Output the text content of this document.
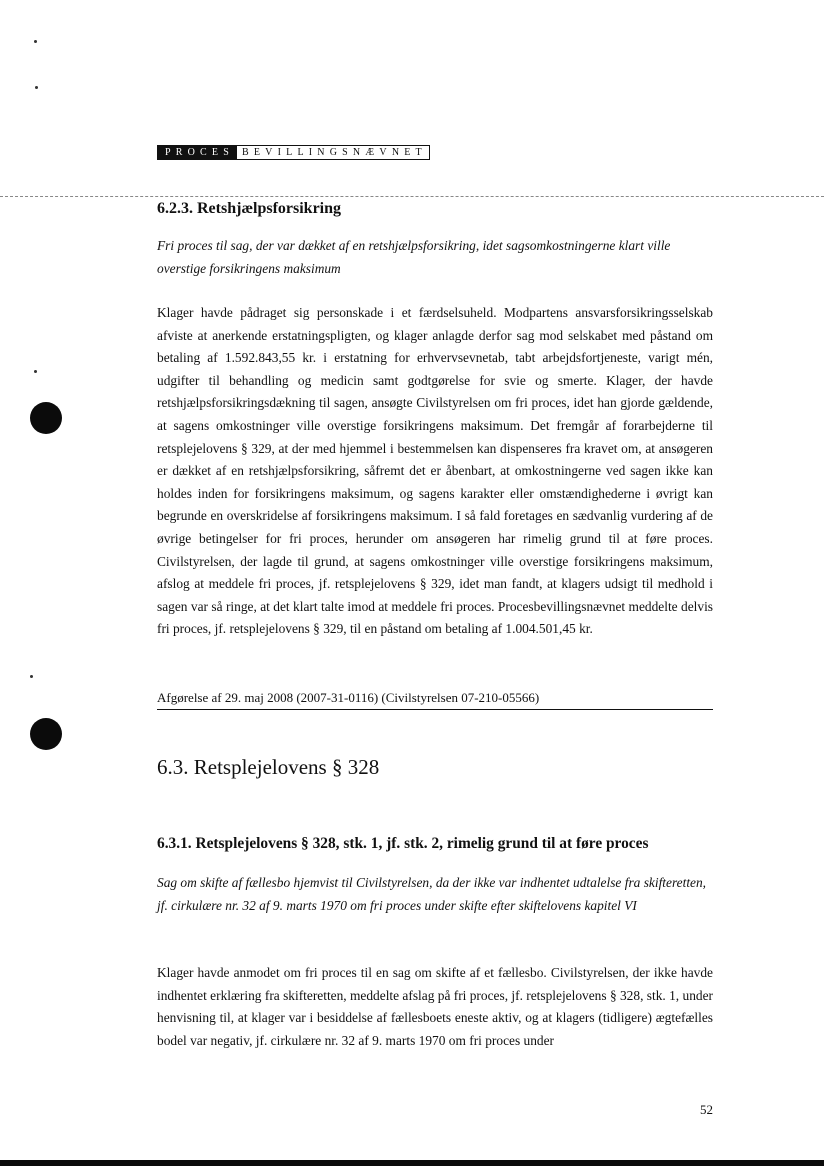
PROCES BEVILLINGSNÆVNET
6.2.3. Retshjælpsforsikring

Fri proces til sag, der var dækket af en retshjælpsforsikring, idet sagsomkostningerne klart ville overstige forsikringens maksimum

Klager havde pådraget sig personskade i et færdselsuheld. Modpartens ansvarsforsikringsselskab afviste at anerkende erstatningspligten, og klager anlagde derfor sag mod selskabet med påstand om betaling af 1.592.843,55 kr. i erstatning for erhvervsevnetab, tabt arbejdsfortjeneste, varigt mén, udgifter til behandling og medicin samt godtgørelse for svie og smerte. Klager, der havde retshjælpsforsikringsdækning til sagen, ansøgte Civilstyrelsen om fri proces, idet han gjorde gældende, at sagens omkostninger ville overstige forsikringens maksimum. Det fremgår af forarbejderne til retsplejelovens § 329, at der med hjemmel i bestemmelsen kan dispenseres fra kravet om, at ansøgeren er dækket af en retshjælpsforsikring, såfremt det er åbenbart, at omkostningerne ved sagen ikke kan holdes inden for forsikringens maksimum, og sagens karakter eller omstændighederne i øvrigt kan begrunde en overskridelse af forsikringens maksimum. I så fald foretages en sædvanlig vurdering af de øvrige betingelser for fri proces, herunder om ansøgeren har rimelig grund til at føre proces. Civilstyrelsen, der lagde til grund, at sagens omkostninger ville overstige forsikringens maksimum, afslog at meddele fri proces, jf. retsplejelovens § 329, idet man fandt, at klagers udsigt til medhold i sagen var så ringe, at det klart talte imod at meddele fri proces. Procesbevillingsnævnet meddelte delvis fri proces, jf. retsplejelovens § 329, til en påstand om betaling af 1.004.501,45 kr.

Afgørelse af 29. maj 2008 (2007-31-0116) (Civilstyrelsen 07-210-05566)

6.3. Retsplejelovens § 328
6.3.1. Retsplejelovens § 328, stk. 1, jf. stk. 2, rimelig grund til at føre proces

Sag om skifte af fællesbo hjemvist til Civilstyrelsen, da der ikke var indhentet udtalelse fra skifteretten, jf. cirkulære nr. 32 af 9. marts 1970 om fri proces under skifte efter skiftelovens kapitel VI

Klager havde anmodet om fri proces til en sag om skifte af et fællesbo. Civilstyrelsen, der ikke havde indhentet erklæring fra skifteretten, meddelte afslag på fri proces, jf. retsplejelovens § 328, stk. 1, under henvisning til, at klager var i besiddelse af fællesboets eneste aktiv, og at klagers (tidligere) ægtefælles bodel var negativ, jf. cirkulære nr. 32 af 9. marts 1970 om fri proces under

52
